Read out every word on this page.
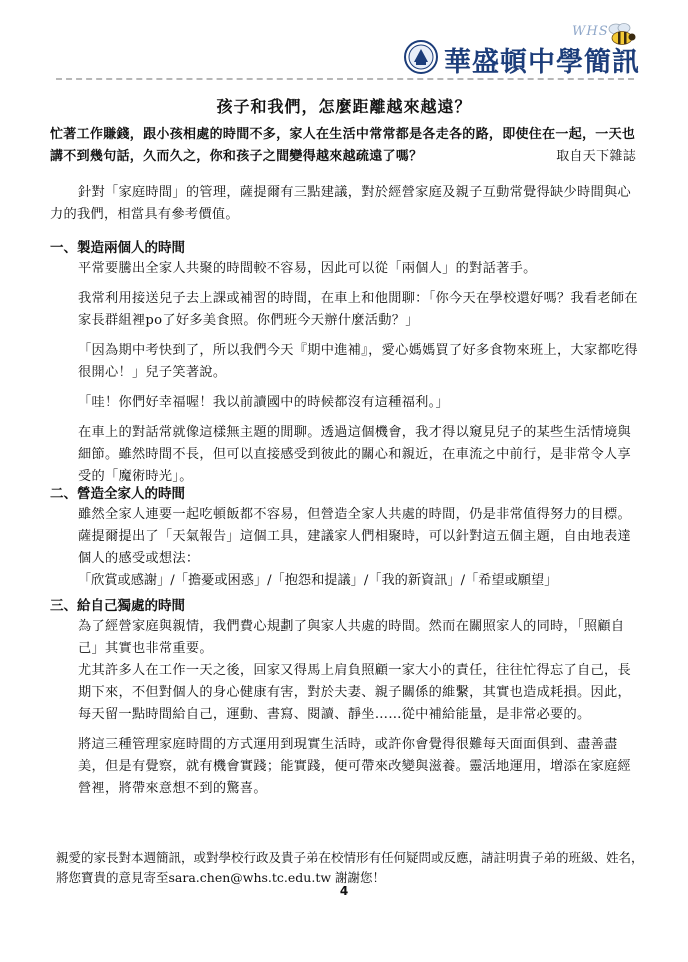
WHS
華盛頓中學簡訊
孩子和我們，怎麼距離越來越遠？
忙著工作賺錢，跟小孩相處的時間不多，家人在生活中常常都是各走各的路，即使住在一起，一天也講不到幾句話，久而久之，你和孩子之間變得越來越疏遠了嗎？	取自天下雜誌

針對「家庭時間」的管理，薩提爾有三點建議，對於經營家庭及親子互動常覺得缺少時間與心力的我們，相當具有參考價值。

一、製造兩個人的時間

平常要騰出全家人共聚的時間較不容易，因此可以從「兩個人」的對話著手。

我常利用接送兒子去上課或補習的時間，在車上和他閒聊：「你今天在學校還好嗎？我看老師在家長群組裡po了好多美食照。你們班今天辦什麼活動？」

「因為期中考快到了，所以我們今天『期中進補』，愛心媽媽買了好多食物來班上，大家都吃得很開心！」兒子笑著說。

「哇！你們好幸福喔！我以前讀國中的時候都沒有這種福利。」

在車上的對話常就像這樣無主題的閒聊。透過這個機會，我才得以窺見兒子的某些生活情境與細節。雖然時間不長，但可以直接感受到彼此的關心和親近，在車流之中前行，是非常令人享受的「魔術時光」。

二、營造全家人的時間

雖然全家人連要一起吃頓飯都不容易，但營造全家人共處的時間，仍是非常值得努力的目標。薩提爾提出了「天氣報告」這個工具，建議家人們相聚時，可以針對這五個主題，自由地表達個人的感受或想法：

「欣賞或感謝」/「擔憂或困惑」/「抱怨和提議」/「我的新資訊」/「希望或願望」

三、給自己獨處的時間

為了經營家庭與親情，我們費心規劃了與家人共處的時間。然而在關照家人的同時，「照顧自己」其實也非常重要。

尤其許多人在工作一天之後，回家又得馬上肩負照顧一家大小的責任，往往忙得忘了自己，長期下來，不但對個人的身心健康有害，對於夫妻、親子關係的維繫，其實也造成耗損。因此，每天留一點時間給自己，運動、書寫、閱讀、靜坐……從中補給能量，是非常必要的。

將這三種管理家庭時間的方式運用到現實生活時，或許你會覺得很難每天面面俱到、盡善盡美，但是有覺察，就有機會實踐；能實踐，便可帶來改變與滋養。靈活地運用，增添在家庭經營裡，將帶來意想不到的驚喜。

親愛的家長對本週簡訊，或對學校行政及貴子弟在校情形有任何疑問或反應，請註明貴子弟的班級、姓名，將您寶貴的意見寄至sara.chen@whs.tc.edu.tw 謝謝您！
4
